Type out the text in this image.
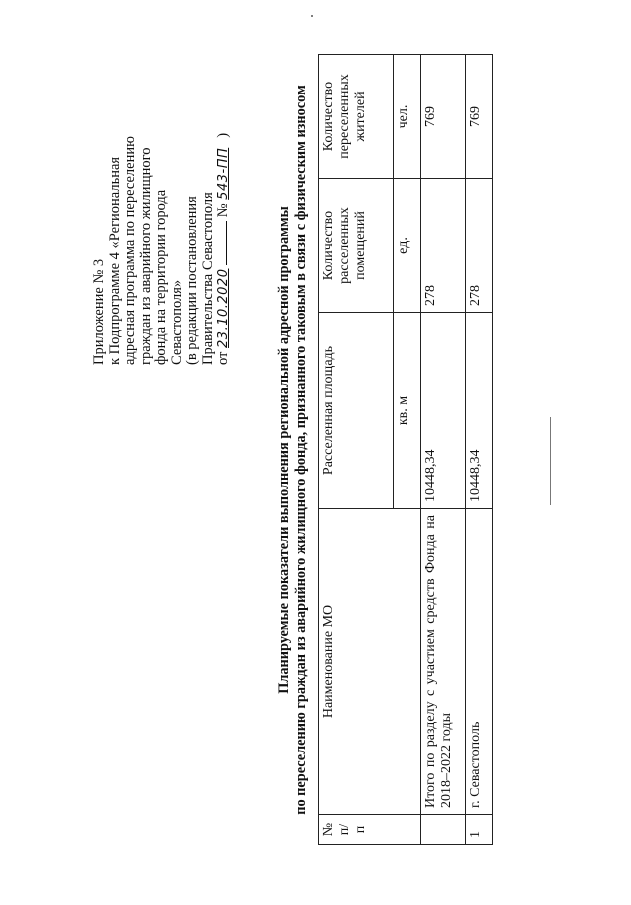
Приложение № 3 к Подпрограмме 4 «Региональная адресная программа по переселению граждан из аварийного жилищного фонда на территории города Севастополя» (в редакции постановления Правительства Севастополя от 23.10.2020  № 543-ПП)
Планируемые показатели выполнения региональной адресной программы по переселению граждан из аварийного жилищного фонда, признанного таковым в связи с физическим износом
№ п/п	Наименование МО	Расселенная площадь	Количество расселенных помещений	Количество переселенных жителей
		кв. м	ед.	чел.
	Итого по разделу с участием средств Фонда на 2018–2022 годы	10448,34	278	769
1	г. Севастополь	10448,34	278	769
